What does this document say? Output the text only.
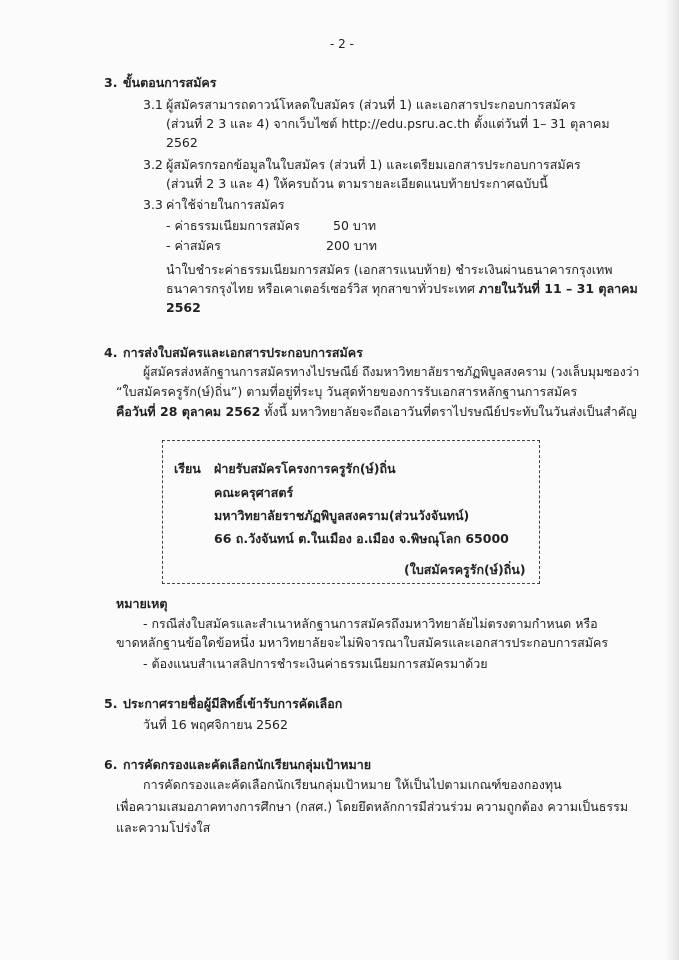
- 2 -
3. ขั้นตอนการสมัคร
3.1 ผู้สมัครสามารถดาวน์โหลดใบสมัคร (ส่วนที่ 1) และเอกสารประกอบการสมัคร
(ส่วนที่ 2 3 และ 4) จากเว็บไซต์ http://edu.psru.ac.th ตั้งแต่วันที่ 1– 31 ตุลาคม
2562
3.2 ผู้สมัครกรอกข้อมูลในใบสมัคร (ส่วนที่ 1) และเตรียมเอกสารประกอบการสมัคร
(ส่วนที่ 2 3 และ 4) ให้ครบถ้วน ตามรายละเอียดแนบท้ายประกาศฉบับนี้
3.3 ค่าใช้จ่ายในการสมัคร
- ค่าธรรมเนียมการสมัคร	50 บาท
- ค่าสมัคร	200 บาท
นำใบชำระค่าธรรมเนียมการสมัคร (เอกสารแนบท้าย) ชำระเงินผ่านธนาคารกรุงเทพ
ธนาคารกรุงไทย หรือเคาเตอร์เซอร์วิส ทุกสาขาทั่วประเทศ ภายในวันที่ 11 – 31 ตุลาคม
2562
4. การส่งใบสมัครและเอกสารประกอบการสมัคร
ผู้สมัครส่งหลักฐานการสมัครทางไปรษณีย์ ถึงมหาวิทยาลัยราชภัฏพิบูลสงคราม (วงเล็บมุมซองว่า
“ใบสมัครครูรัก(ษ์)ถิ่น”) ตามที่อยู่ที่ระบุ วันสุดท้ายของการรับเอกสารหลักฐานการสมัคร
คือวันที่ 28 ตุลาคม 2562 ทั้งนี้ มหาวิทยาลัยจะถือเอาวันที่ตราไปรษณีย์ประทับในวันส่งเป็นสำคัญ
เรียน ฝ่ายรับสมัครโครงการครูรัก(ษ์)ถิ่น
คณะครุศาสตร์
มหาวิทยาลัยราชภัฏพิบูลสงคราม(ส่วนวังจันทน์)
66 ถ.วังจันทน์ ต.ในเมือง อ.เมือง จ.พิษณุโลก 65000
(ใบสมัครครูรัก(ษ์)ถิ่น)
หมายเหตุ
- กรณีส่งใบสมัครและสำเนาหลักฐานการสมัครถึงมหาวิทยาลัยไม่ตรงตามกำหนด หรือ
ขาดหลักฐานข้อใดข้อหนึ่ง มหาวิทยาลัยจะไม่พิจารณาใบสมัครและเอกสารประกอบการสมัคร
- ต้องแนบสำเนาสลิปการชำระเงินค่าธรรมเนียมการสมัครมาด้วย
5. ประกาศรายชื่อผู้มีสิทธิ์เข้ารับการคัดเลือก
วันที่ 16 พฤศจิกายน 2562
6. การคัดกรองและคัดเลือกนักเรียนกลุ่มเป้าหมาย
การคัดกรองและคัดเลือกนักเรียนกลุ่มเป้าหมาย ให้เป็นไปตามเกณฑ์ของกองทุน
เพื่อความเสมอภาคทางการศึกษา (กสศ.) โดยยึดหลักการมีส่วนร่วม ความถูกต้อง ความเป็นธรรม
และความโปร่งใส
